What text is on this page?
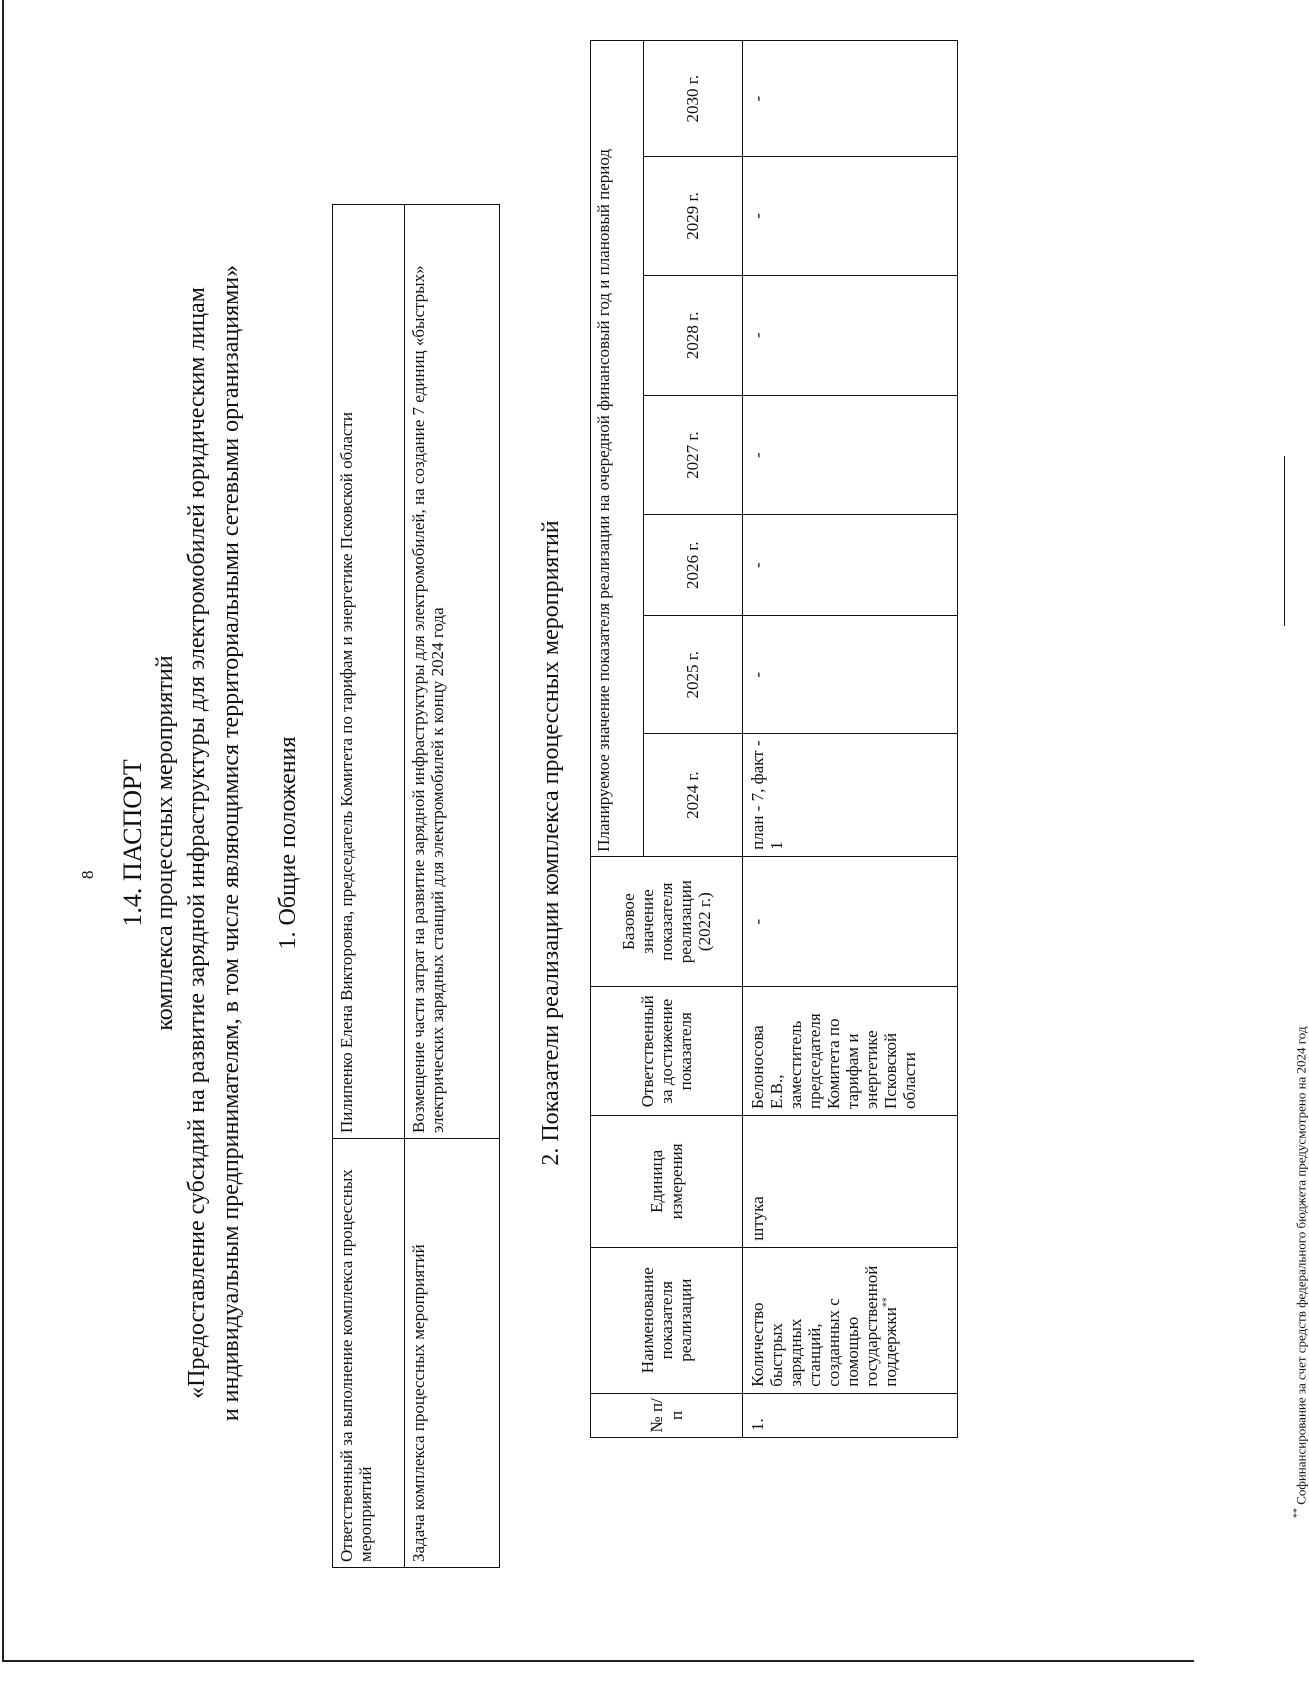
8 1.4. ПАСПОРТ комплекса процессных мероприятий «Предоставление субсидий на развитие зарядной инфраструктуры для электромобилей юридическим лицам и индивидуальным предпринимателям, в том числе являющимися территориальными сетевыми организациями» 1. Общие положения
Ответственный за выполнение комплекса процессных мероприятий	Пилипенко Елена Викторовна, председатель Комитета по тарифам и энергетике Псковской области
Задача комплекса процессных мероприятий	Возмещение части затрат на развитие зарядной инфраструктуры для электромобилей, на создание 7 единиц «быстрых» электрических зарядных станций для электромобилей к концу 2024 года	2. Показатели реализации комплекса процессных мероприятий
№ п/п	Наименование показателя реализации	Единица измерения	Ответственный за достижение показателя	Базовое значение показателя реализации (2022 г.)	Планируемое значение показателя реализации на очередной финансовый год и плановый период						
					2024 г.	2025 г.	2026 г.	2027 г.	2028 г.	2029 г.	2030 г.
1.	Количество быстрых зарядных станций, созданных с помощью государственной поддержки**	штука	Белоносова Е.В., заместитель председателя Комитета по тарифам и энергетике Псковской области	-	план - 7, факт - 1	-	-	-	-	-	-
** Софинансирование за счет средств федерального бюджета предусмотрено на 2024 год
